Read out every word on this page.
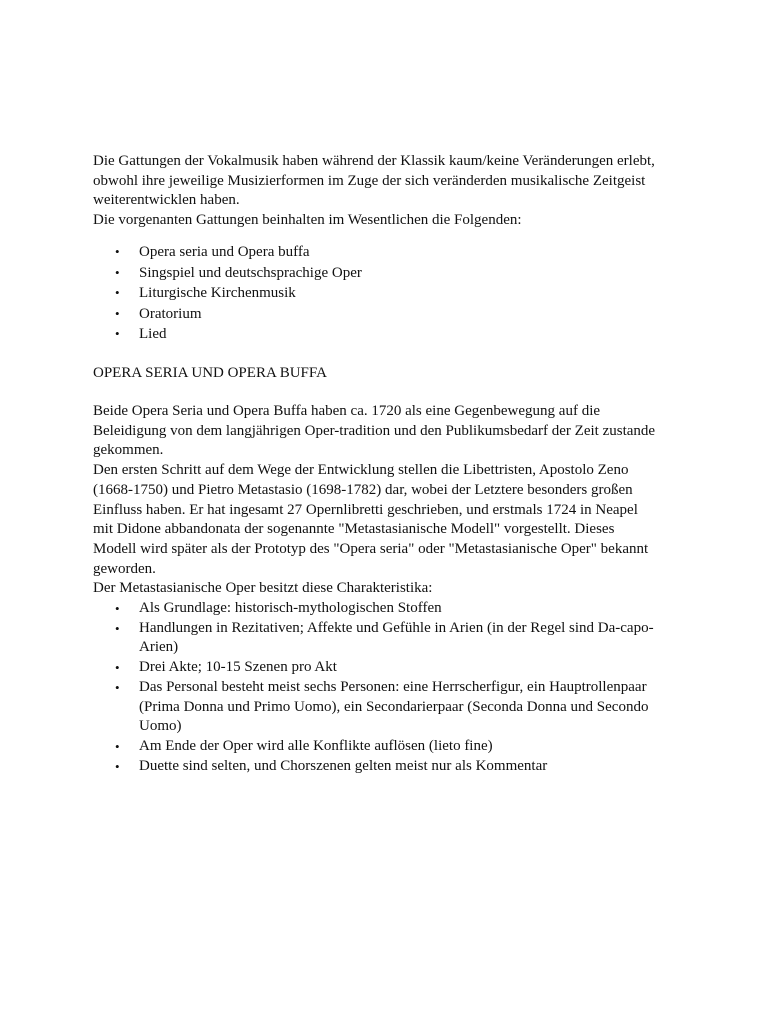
Die Gattungen der Vokalmusik haben während der Klassik kaum/keine Veränderungen erlebt,

obwohl ihre jeweilige Musizierformen im Zuge der sich veränderden musikalische Zeitgeist

weiterentwicklen haben.

Die vorgenanten Gattungen beinhalten im Wesentlichen die Folgenden:

• Opera seria und Opera buffa
• Singspiel und deutschsprachige Oper
• Liturgische Kirchenmusik
• Oratorium
• Lied
OPERA SERIA UND OPERA BUFFA

Beide Opera Seria und Opera Buffa haben ca. 1720 als eine Gegenbewegung auf die

Beleidigung von dem langjährigen Oper-tradition und den Publikumsbedarf der Zeit zustande

gekommen.

Den ersten Schritt auf dem Wege der Entwicklung stellen die Libettristen, Apostolo Zeno

(1668-1750) und Pietro Metastasio (1698-1782) dar, wobei der Letztere besonders großen

Einfluss haben. Er hat ingesamt 27 Opernlibretti geschrieben, und erstmals 1724 in Neapel

mit Didone abbandonata der sogenannte "Metastasianische Modell" vorgestellt. Dieses

Modell wird später als der Prototyp des "Opera seria" oder "Metastasianische Oper" bekannt

geworden.

Der Metastasianische Oper besitzt diese Charakteristika:

• Als Grundlage: historisch-mythologischen Stoffen
• Handlungen in Rezitativen; Affekte und Gefühle in Arien (in der Regel sind Da-capo-
Arien)
• Drei Akte; 10-15 Szenen pro Akt
• Das Personal besteht meist sechs Personen: eine Herrscherfigur, ein Hauptrollenpaar
(Prima Donna und Primo Uomo), ein Secondarierpaar (Seconda Donna und Secondo
Uomo)
• Am Ende der Oper wird alle Konflikte auflösen (lieto fine)
• Duette sind selten, und Chorszenen gelten meist nur als Kommentar
